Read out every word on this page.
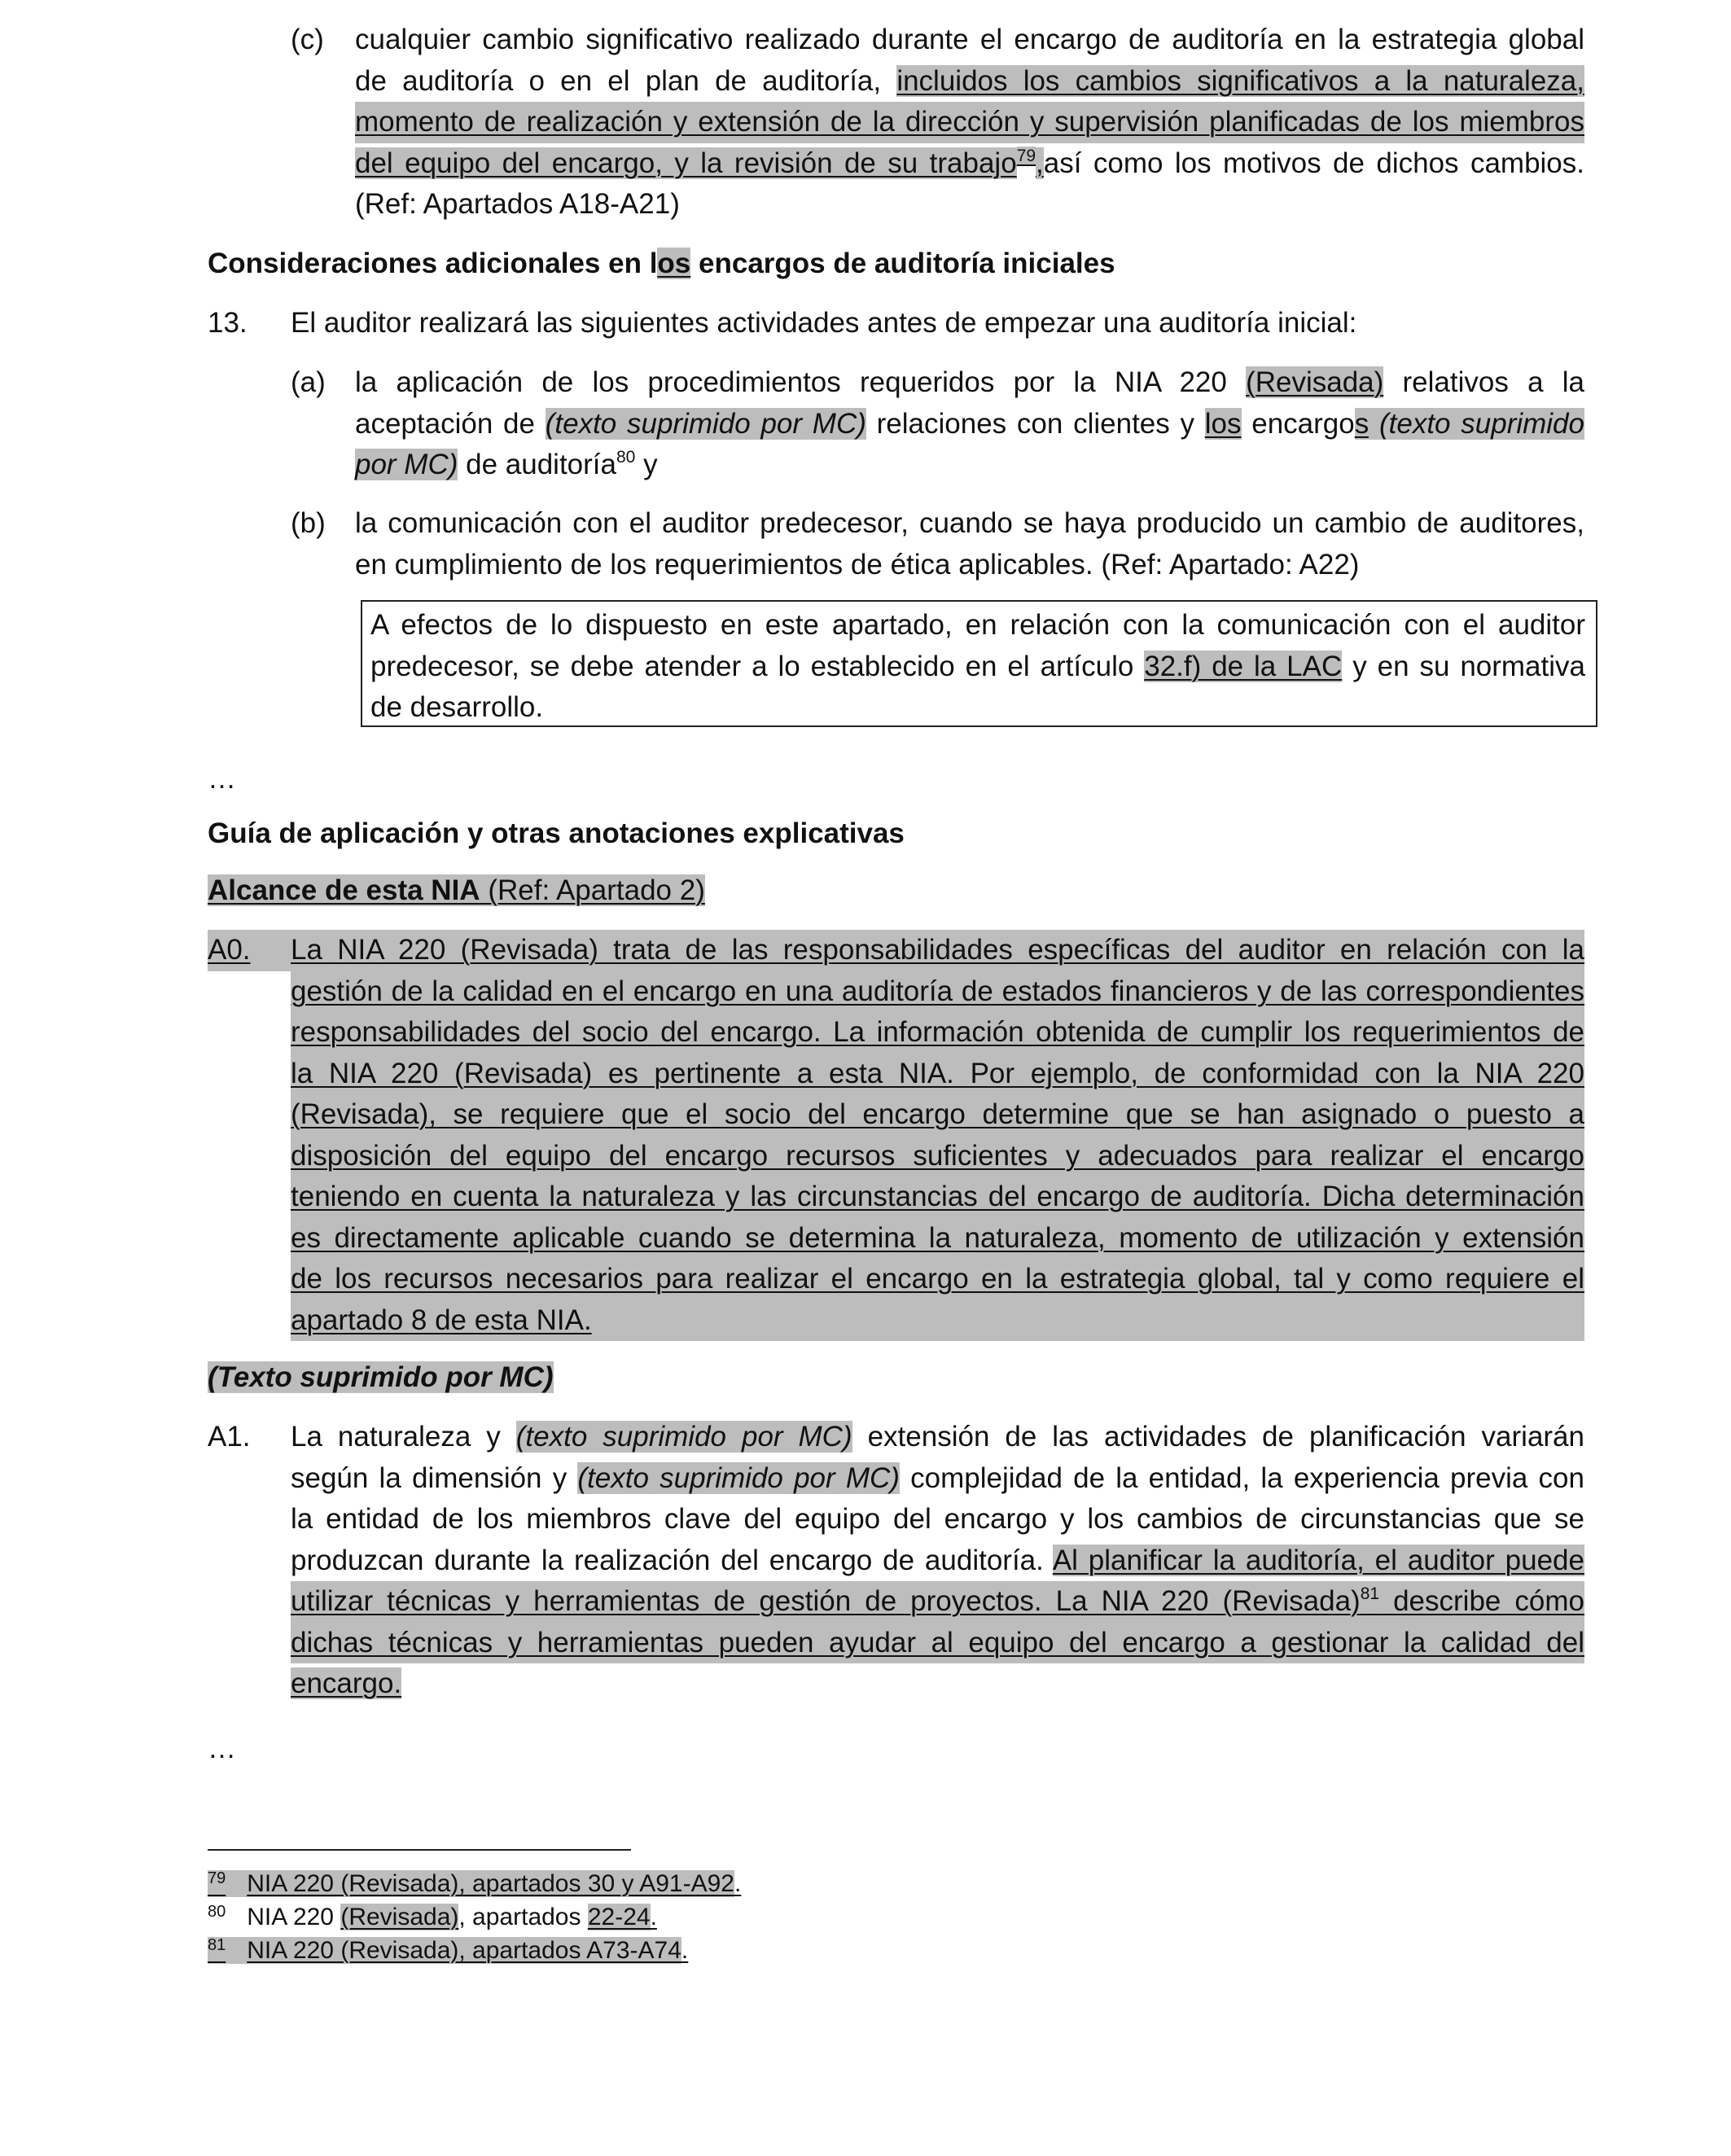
(c) cualquier cambio significativo realizado durante el encargo de auditoría en la estrategia global
de auditoría o en el plan de auditoría, incluidos los cambios significativos a la naturaleza,
momento de realización y extensión de la dirección y supervisión planificadas de los miembros
del equipo del encargo, y la revisión de su trabajo$^{79}$,así como los motivos de dichos cambios.
(Ref: Apartados A18-A21)
Consideraciones adicionales en los encargos de auditoría iniciales
13. El auditor realizará las siguientes actividades antes de empezar una auditoría inicial:
(a) la aplicación de los procedimientos requeridos por la NIA 220 (Revisada) relativos a la
aceptación de (texto suprimido por MC) relaciones con clientes y los encargos (texto suprimido
por MC) de auditoría$^{80}$ y
(b) la comunicación con el auditor predecesor, cuando se haya producido un cambio de auditores,
en cumplimiento de los requerimientos de ética aplicables. (Ref: Apartado: A22)
A efectos de lo dispuesto en este apartado, en relación con la comunicación con el auditor
predecesor, se debe atender a lo establecido en el artículo 32.f) de la LAC y en su normativa
de desarrollo.
…
Guía de aplicación y otras anotaciones explicativas
Alcance de esta NIA (Ref: Apartado 2)
A0.	La NIA 220 (Revisada) trata de las responsabilidades específicas del auditor en relación con la
gestión de la calidad en el encargo en una auditoría de estados financieros y de las correspondientes
responsabilidades del socio del encargo. La información obtenida de cumplir los requerimientos de
la NIA 220 (Revisada) es pertinente a esta NIA. Por ejemplo, de conformidad con la NIA 220
(Revisada), se requiere que el socio del encargo determine que se han asignado o puesto a
disposición del equipo del encargo recursos suficientes y adecuados para realizar el encargo
teniendo en cuenta la naturaleza y las circunstancias del encargo de auditoría. Dicha determinación
es directamente aplicable cuando se determina la naturaleza, momento de utilización y extensión
de los recursos necesarios para realizar el encargo en la estrategia global, tal y como requiere el
apartado 8 de esta NIA.
(Texto suprimido por MC)
A1. La naturaleza y (texto suprimido por MC) extensión de las actividades de planificación variarán
según la dimensión y (texto suprimido por MC) complejidad de la entidad, la experiencia previa con
la entidad de los miembros clave del equipo del encargo y los cambios de circunstancias que se
produzcan durante la realización del encargo de auditoría. Al planificar la auditoría, el auditor puede
utilizar técnicas y herramientas de gestión de proyectos. La NIA 220 (Revisada)$^{81}$ describe cómo
dichas técnicas y herramientas pueden ayudar al equipo del encargo a gestionar la calidad del
encargo.
…
$^{79}$ NIA 220 (Revisada), apartados 30 y A91-A92.
$^{80}$ NIA 220 (Revisada), apartados 22-24.
$^{81}$ NIA 220 (Revisada), apartados A73-A74.
